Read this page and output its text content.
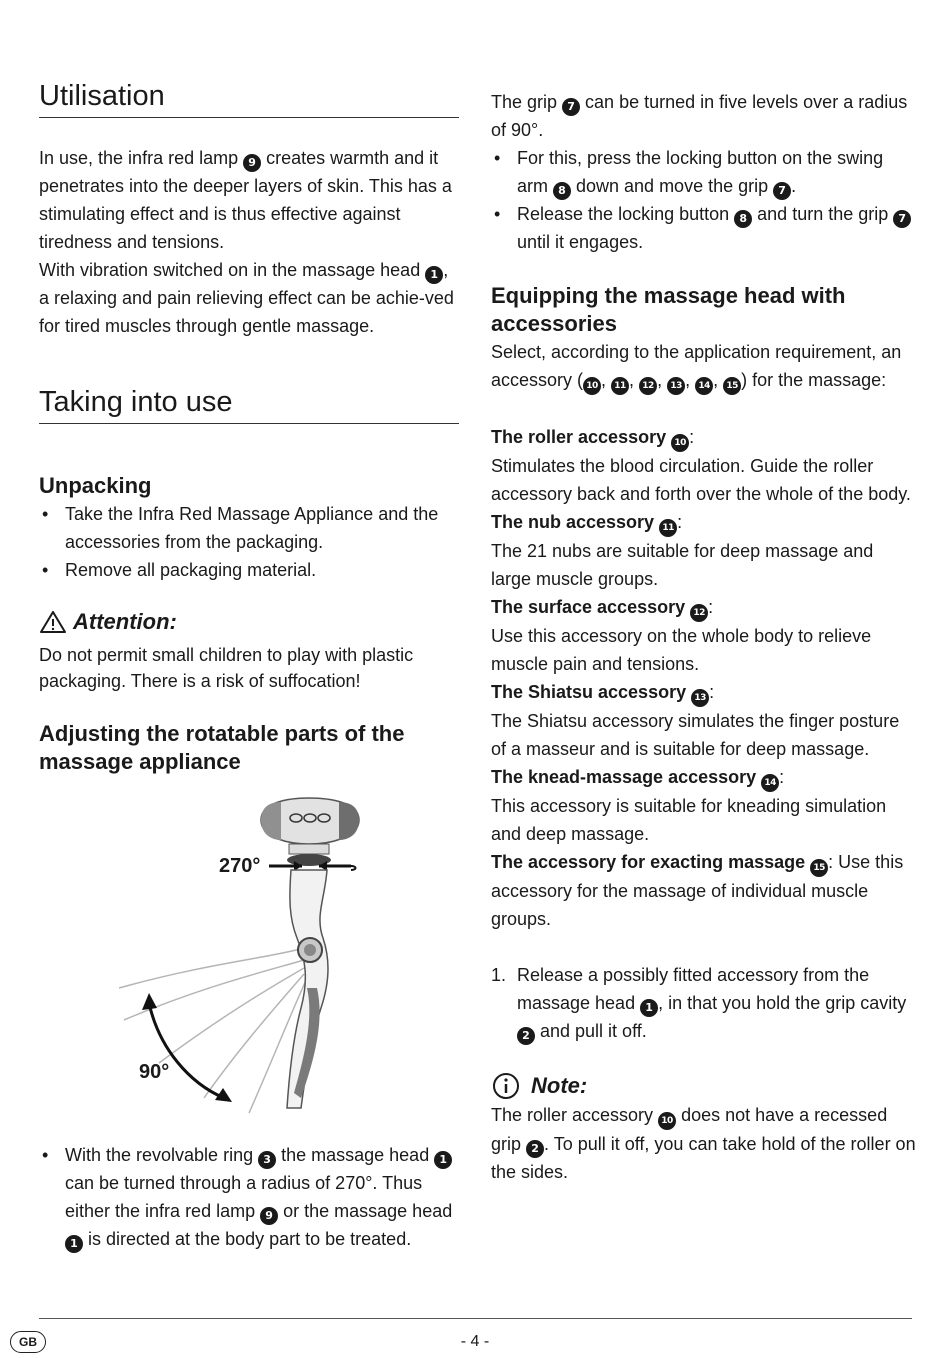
Utilisation

In use, the infra red lamp 9 creates warmth and it penetrates into the deeper layers of skin. This has a stimulating effect and is thus effective against tiredness and tensions.

With vibration switched on in the massage head 1 , a relaxing and pain relieving effect can be achie-ved for tired muscles through gentle massage.

Taking into use
Unpacking
• Take the Infra Red Massage Appliance and the accessories from the packaging.
• Remove all packaging material.
Attention:

Do not permit small children to play with plastic packaging. There is a risk of suffocation!

Adjusting the rotatable parts of the massage appliance
270°
90°
• With the revolvable ring 3 the massage head 1 can be turned through a radius of 270°. Thus either the infra red lamp 9 or the massage head 1 is directed at the body part to be treated.

The grip 7 can be turned in five levels over a radius of 90°.

• For this, press the locking button on the swing arm 8 down and move the grip 7 .
• Release the locking button 8 and turn the grip 7 until it engages.
Equipping the massage head with accessories

Select, according to the application requirement, an accessory ( 10 , 11 , 12 , 13 , 14 , 15 ) for the massage:

The roller accessory 10 :

Stimulates the blood circulation. Guide the roller accessory back and forth over the whole of the body.

The nub accessory 11 :

The 21 nubs are suitable for deep massage and large muscle groups.

The surface accessory 12 :

Use this accessory on the whole body to relieve muscle pain and tensions.

The Shiatsu accessory 13 :

The Shiatsu accessory simulates the finger posture of a masseur and is suitable for deep massage.

The knead-massage accessory 14 :

This accessory is suitable for kneading simulation and deep massage.

The accessory for exacting massage 15 : Use this accessory for the massage of individual muscle groups.

1. Release a possibly fitted accessory from the massage head 1 , in that you hold the grip cavity 2 and pull it off.
Note:

The roller accessory 10 does not have a recessed grip 2 . To pull it off, you can take hold of the roller on the sides.

GB	- 4 -
